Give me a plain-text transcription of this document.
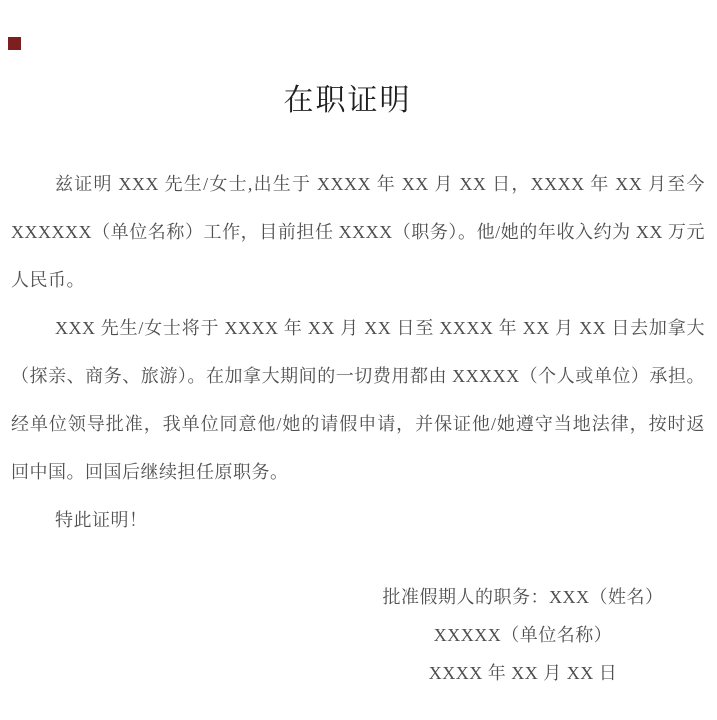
在职证明

兹证明 XXX 先生/女士,出生于 XXXX 年 XX 月 XX 日，XXXX 年 XX 月至今 XXXXXX（单位名称）工作，目前担任 XXXX（职务）。他/她的年收入约为 XX 万元人民币。

XXX 先生/女士将于 XXXX 年 XX 月 XX 日至 XXXX 年 XX 月 XX 日去加拿大（探亲、商务、旅游）。在加拿大期间的一切费用都由 XXXXX（个人或单位）承担。经单位领导批准，我单位同意他/她的请假申请，并保证他/她遵守当地法律，按时返回中国。回国后继续担任原职务。

特此证明！

批准假期人的职务：XXX（姓名）
XXXXX（单位名称）
XXXX 年 XX 月 XX 日
